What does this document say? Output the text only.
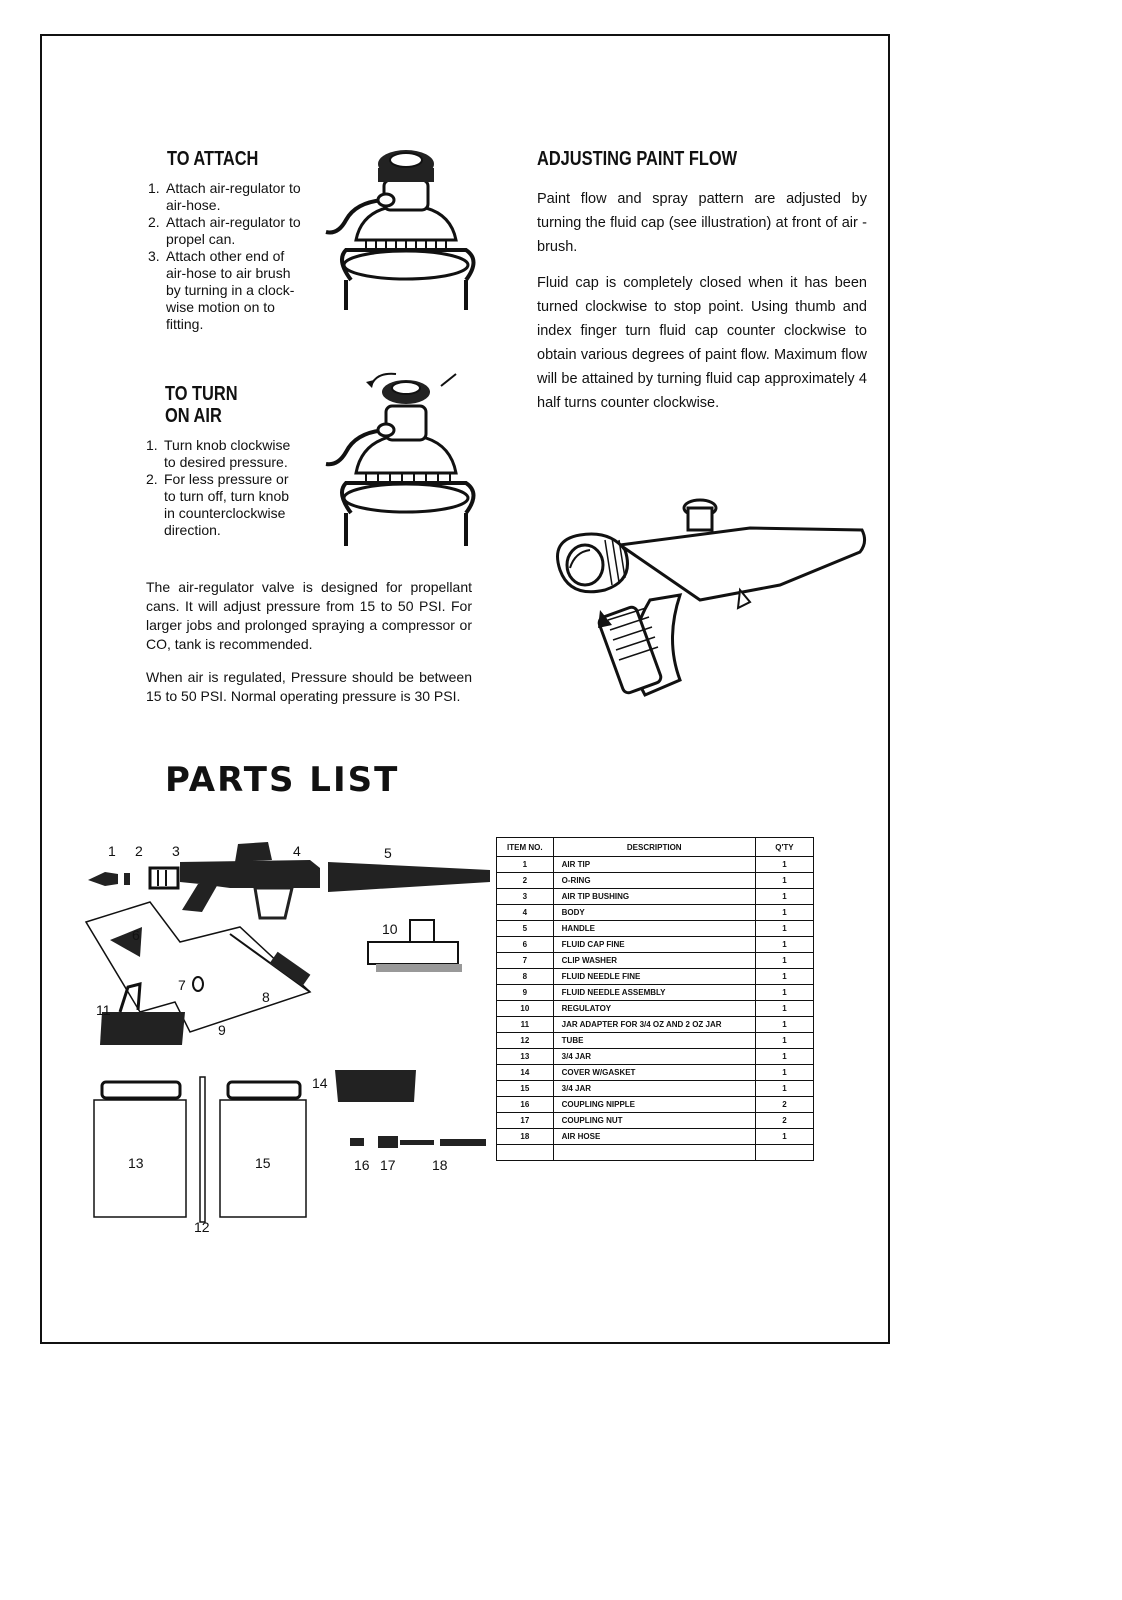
TO ATTACH
1. Attach air-regulator to air-hose.
2. Attach air-regulator to propel can.
3. Attach other end of air-hose to air brush by turning in a clock-wise motion on to fitting.
TO TURN
ON AIR
1. Turn knob clockwise to desired pressure.
2. For less pressure or to turn off, turn knob in counterclockwise direction.

The air-regulator valve is designed for propellant cans. It will adjust pressure from 15 to 50 PSI. For larger jobs and prolonged spraying a compressor or CO, tank is recommended.

When air is regulated, Pressure should be between 15 to 50 PSI. Normal operating pressure is 30 PSI.

ADJUSTING PAINT FLOW

Paint flow and spray pattern are adjusted by turning the fluid cap (see illustration) at front of air - brush.

Fluid cap is completely closed when it has been turned clockwise to stop point. Using thumb and index finger turn fluid cap counter clockwise to obtain various degrees of paint flow. Maximum flow will be attained by turning fluid cap approximately 4 half turns counter clockwise.

PARTS LIST
1 2 3	4	5
6
7
8
9
10
11
12
13
14
15	16 17	18
ITEM NO.	DESCRIPTION	Q'TY
1	AIR TIP	1
2	O-RING	1
3	AIR TIP BUSHING	1
4	BODY	1
5	HANDLE	1
6	FLUID CAP FINE	1
7	CLIP WASHER	1
8	FLUID NEEDLE FINE	1
9	FLUID NEEDLE ASSEMBLY	1
10	REGULATOY	1
11	JAR ADAPTER FOR 3/4 OZ AND 2 OZ JAR	1
12	TUBE	1
13	3/4 JAR	1
14	COVER W/GASKET	1
15	3/4 JAR	1
16	COUPLING NIPPLE	2
17	COUPLING NUT	2
18	AIR HOSE	1
